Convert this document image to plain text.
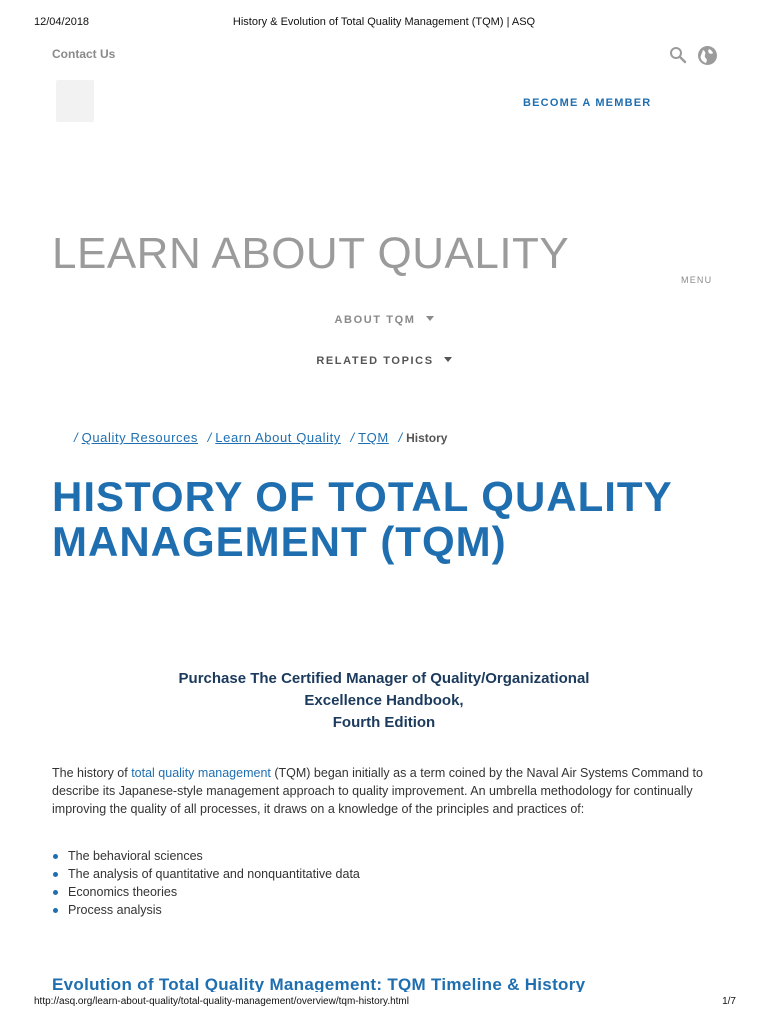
12/04/2018	History & Evolution of Total Quality Management (TQM) | ASQ
Contact Us
BECOME A MEMBER
LEARN ABOUT QUALITY
MENU
ABOUT TQM
RELATED TOPICS
/ Quality Resources / Learn About Quality / TQM / History
HISTORY OF TOTAL QUALITY MANAGEMENT (TQM)
Purchase The Certified Manager of Quality/Organizational
Excellence Handbook,
Fourth Edition

The history of total quality management (TQM) began initially as a term coined by the Naval Air Systems Command to describe its Japanese-style management approach to quality improvement. An umbrella methodology for continually improving the quality of all processes, it draws on a knowledge of the principles and practices of:

The behavioral sciences
The analysis of quantitative and nonquantitative data
Economics theories
Process analysis
Evolution of Total Quality Management: TQM Timeline & History
http://asq.org/learn-about-quality/total-quality-management/overview/tqm-history.html	1/7
